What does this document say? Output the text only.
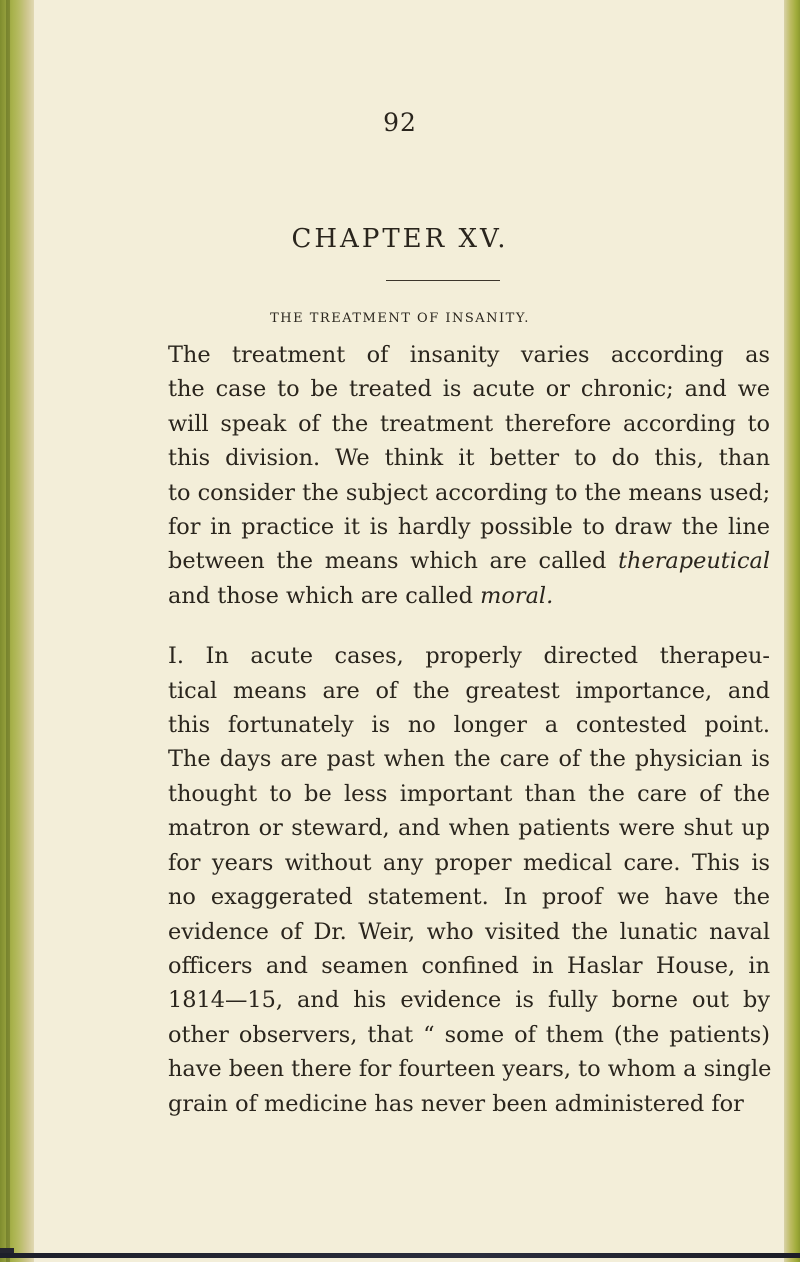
92
CHAPTER XV.
THE TREATMENT OF INSANITY.
The treatment of insanity varies according as
the case to be treated is acute or chronic; and we
will speak of the treatment therefore according to
this division. We think it better to do this, than
to consider the subject according to the means used;
for in practice it is hardly possible to draw the line
between the means which are called therapeutical
and those which are called moral.
I. In acute cases, properly directed therapeu-
tical means are of the greatest importance, and
this fortunately is no longer a contested point.
The days are past when the care of the physician is
thought to be less important than the care of the
matron or steward, and when patients were shut up
for years without any proper medical care. This is
no exaggerated statement. In proof we have the
evidence of Dr. Weir, who visited the lunatic naval
officers and seamen confined in Haslar House, in
1814—15, and his evidence is fully borne out by
other observers, that “ some of them (the patients)
have been there for fourteen years, to whom a single
grain of medicine has never been administered for
